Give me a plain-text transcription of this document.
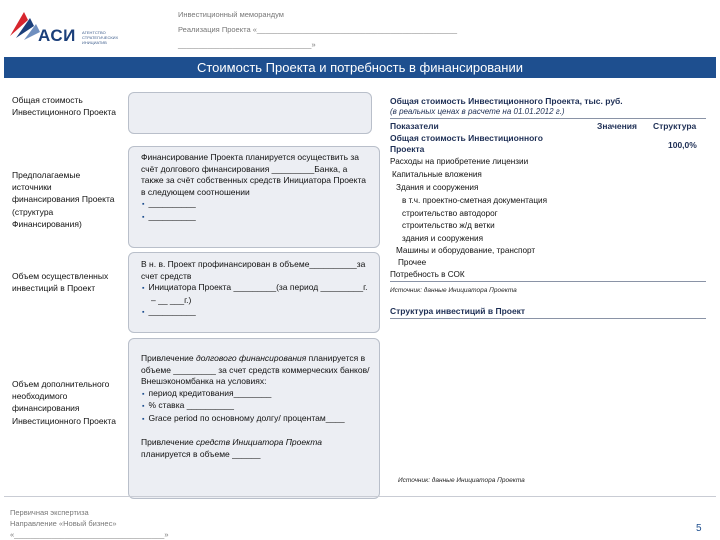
АСИ АГЕНТСТВО СТРАТЕГИЧЕСКИХ ИНИЦИАТИВ
Инвестиционный меморандум
Реализация Проекта «________________________________________________
________________________________»
Стоимость Проекта и потребность в финансировании
Общая стоимость Инвестиционного Проекта
Предполагаемые источники финансирования Проекта (структура Финансирования)
Финансирование Проекта планируется осуществить за счёт долгового финансирования _________Банка, а также за счёт собственных средств Инициатора Проекта в следующем соотношении
▪ __________
▪ __________
Объем осуществленных инвестиций в Проект
В н. в. Проект профинансирован в объеме__________за счет средств
▪ Инициатора Проекта _________(за период _________г. – __ ___г.)
▪ __________
Объем дополнительного необходимого финансирования Инвестиционного Проекта
Привлечение долгового финансирования планируется в объеме _________ за счет средств коммерческих банков/ Внешэкономбанка на условиях:
▪ период кредитования________
▪ % ставка __________
▪ Grace period по основному долгу/ процентам____
Привлечение средств Инициатора Проекта планируется в объеме ______
Общая стоимость Инвестиционного Проекта, тыс. руб.
(в реальных ценах в расчете на 01.01.2012 г.)
Показатели	Значения Структура
Общая стоимость Инвестиционного
Проекта	100,0%
Расходы на приобретение лицензии
Капитальные вложения
Здания и сооружения
в т.ч. проектно-сметная документация
строительство автодорог
строительство ж/д ветки
здания и сооружения
Машины и оборудование, транспорт
Прочее
Потребность в СОК
Источник: данные Инициатора Проекта
Структура инвестиций в Проект
Источник: данные Инициатора Проекта
Первичная экспертиза
Направление «Новый бизнес»
«____________________________________»
5
